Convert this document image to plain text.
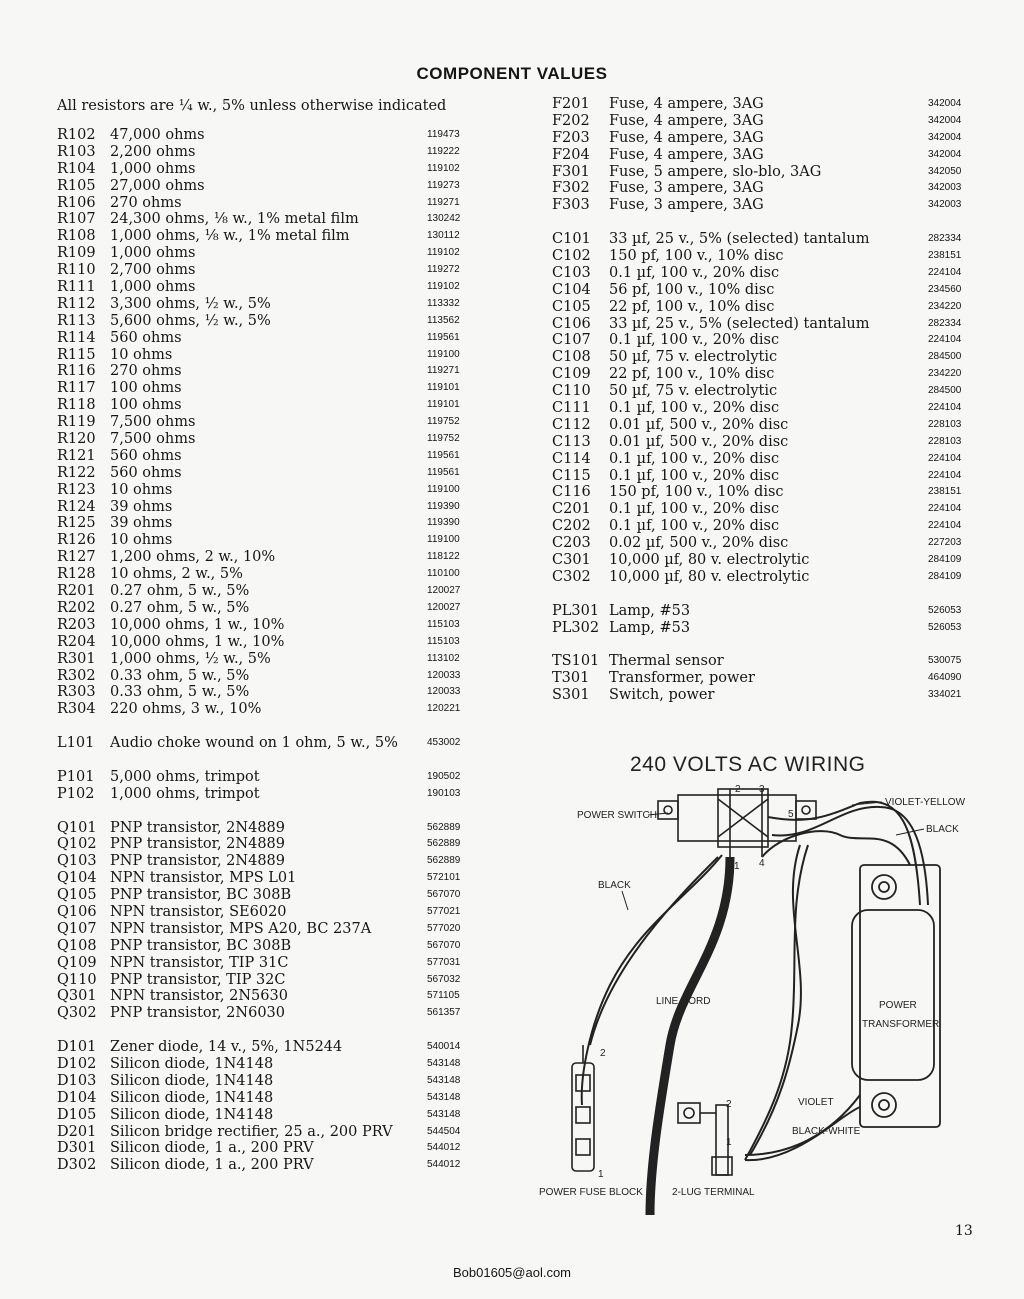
COMPONENT VALUES
All resistors are ¼ w., 5% unless otherwise indicated
R102 47,000 ohms	119473
R103 2,200 ohms	119222
R104 1,000 ohms	119102
R105 27,000 ohms	119273
R106 270 ohms	119271
R107 24,300 ohms, ⅛ w., 1% metal film	130242
R108 1,000 ohms, ⅛ w., 1% metal film	130112
R109 1,000 ohms	119102
R110 2,700 ohms	119272
R111 1,000 ohms	119102
R112 3,300 ohms, ½ w., 5%	113332
R113 5,600 ohms, ½ w., 5%	113562
R114 560 ohms	119561
R115 10 ohms	119100
R116 270 ohms	119271
R117 100 ohms	119101
R118 100 ohms	119101
R119 7,500 ohms	119752
R120 7,500 ohms	119752
R121 560 ohms	119561
R122 560 ohms	119561
R123 10 ohms	119100
R124 39 ohms	119390
R125 39 ohms	119390
R126 10 ohms	119100
R127 1,200 ohms, 2 w., 10%	118122
R128 10 ohms, 2 w., 5%	110100
R201 0.27 ohm, 5 w., 5%	120027
R202 0.27 ohm, 5 w., 5%	120027
R203 10,000 ohms, 1 w., 10%	115103
R204 10,000 ohms, 1 w., 10%	115103
R301 1,000 ohms, ½ w., 5%	113102
R302 0.33 ohm, 5 w., 5%	120033
R303 0.33 ohm, 5 w., 5%	120033
R304 220 ohms, 3 w., 10%	120221
L101 Audio choke wound on 1 ohm, 5 w., 5%	453002
P101 5,000 ohms, trimpot	190502
P102 1,000 ohms, trimpot	190103
Q101 PNP transistor, 2N4889	562889
Q102 PNP transistor, 2N4889	562889
Q103 PNP transistor, 2N4889	562889
Q104 NPN transistor, MPS L01	572101
Q105 PNP transistor, BC 308B	567070
Q106 NPN transistor, SE6020	577021
Q107 NPN transistor, MPS A20, BC 237A	577020
Q108 PNP transistor, BC 308B	567070
Q109 NPN transistor, TIP 31C	577031
Q110 PNP transistor, TIP 32C	567032
Q301 NPN transistor, 2N5630	571105
Q302 PNP transistor, 2N6030	561357
D101 Zener diode, 14 v., 5%, 1N5244	540014
D102 Silicon diode, 1N4148	543148
D103 Silicon diode, 1N4148	543148
D104 Silicon diode, 1N4148	543148
D105 Silicon diode, 1N4148	543148
D201 Silicon bridge rectifier, 25 a., 200 PRV	544504
D301 Silicon diode, 1 a., 200 PRV	544012
D302 Silicon diode, 1 a., 200 PRV	544012
F201 Fuse, 4 ampere, 3AG	342004
F202 Fuse, 4 ampere, 3AG	342004
F203 Fuse, 4 ampere, 3AG	342004
F204 Fuse, 4 ampere, 3AG	342004
F301 Fuse, 5 ampere, slo-blo, 3AG	342050
F302 Fuse, 3 ampere, 3AG	342003
F303 Fuse, 3 ampere, 3AG	342003
C101 33 µf, 25 v., 5% (selected) tantalum	282334
C102 150 pf, 100 v., 10% disc	238151
C103 0.1 µf, 100 v., 20% disc	224104
C104 56 pf, 100 v., 10% disc	234560
C105 22 pf, 100 v., 10% disc	234220
C106 33 µf, 25 v., 5% (selected) tantalum	282334
C107 0.1 µf, 100 v., 20% disc	224104
C108 50 µf, 75 v. electrolytic	284500
C109 22 pf, 100 v., 10% disc	234220
C110 50 µf, 75 v. electrolytic	284500
C111 0.1 µf, 100 v., 20% disc	224104
C112 0.01 µf, 500 v., 20% disc	228103
C113 0.01 µf, 500 v., 20% disc	228103
C114 0.1 µf, 100 v., 20% disc	224104
C115 0.1 µf, 100 v., 20% disc	224104
C116 150 pf, 100 v., 10% disc	238151
C201 0.1 µf, 100 v., 20% disc	224104
C202 0.1 µf, 100 v., 20% disc	224104
C203 0.02 µf, 500 v., 20% disc	227203
C301 10,000 µf, 80 v. electrolytic	284109
C302 10,000 µf, 80 v. electrolytic	284109
PL301 Lamp, #53	526053
PL302 Lamp, #53	526053
TS101 Thermal sensor	530075
T301 Transformer, power	464090
S301 Switch, power	334021
240 VOLTS AC WIRING
2 3
5
1 4
POWER SWITCH
POWER
TRANSFORMER
VIOLET-YELLOW
BLACK
VIOLET
BLACK-WHITE
BLACK
LINE CORD
2
1
POWER FUSE BLOCK
2
1
2-LUG TERMINAL
13
Bob01605@aol.com
